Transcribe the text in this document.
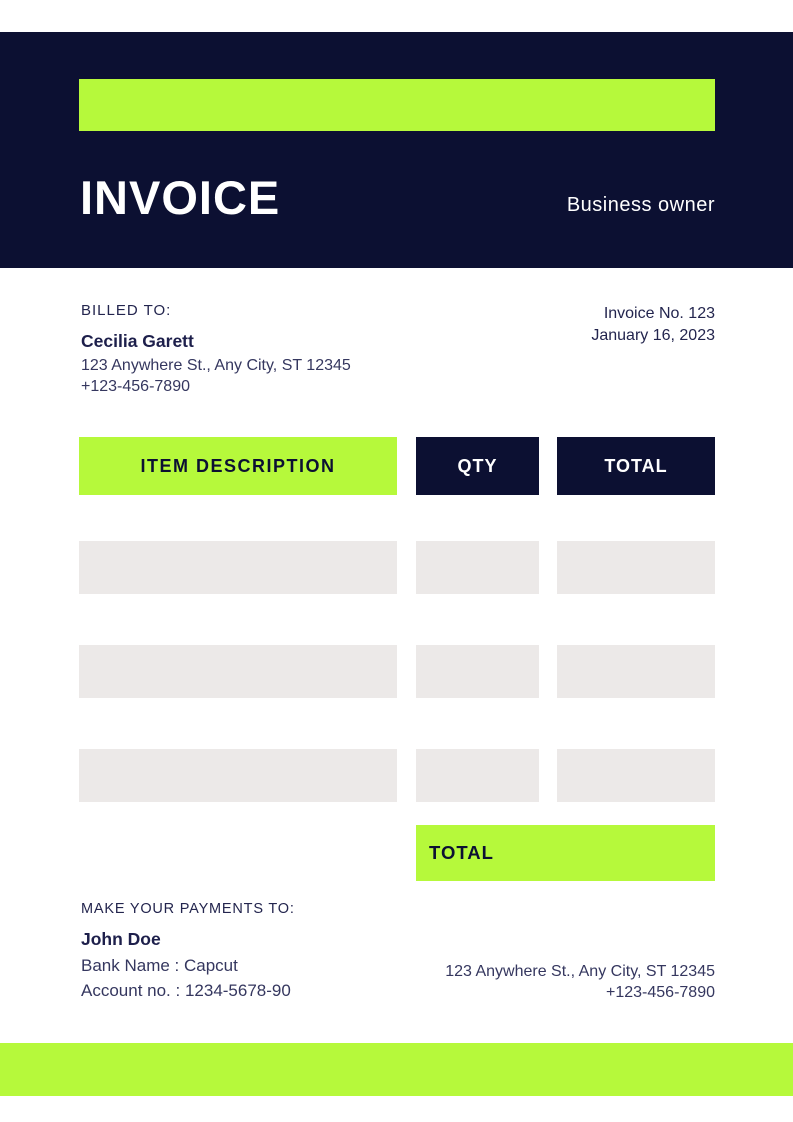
INVOICE	Business owner
BILLED TO:
Cecilia Garett
123 Anywhere St., Any City, ST 12345
+123-456-7890
Invoice No. 123
January 16, 2023
ITEM DESCRIPTION	QTY	TOTAL
TOTAL
MAKE YOUR PAYMENTS TO:
John Doe
Bank Name : Capcut
Account no. : 1234-5678-90
123 Anywhere St., Any City, ST 12345
+123-456-7890
